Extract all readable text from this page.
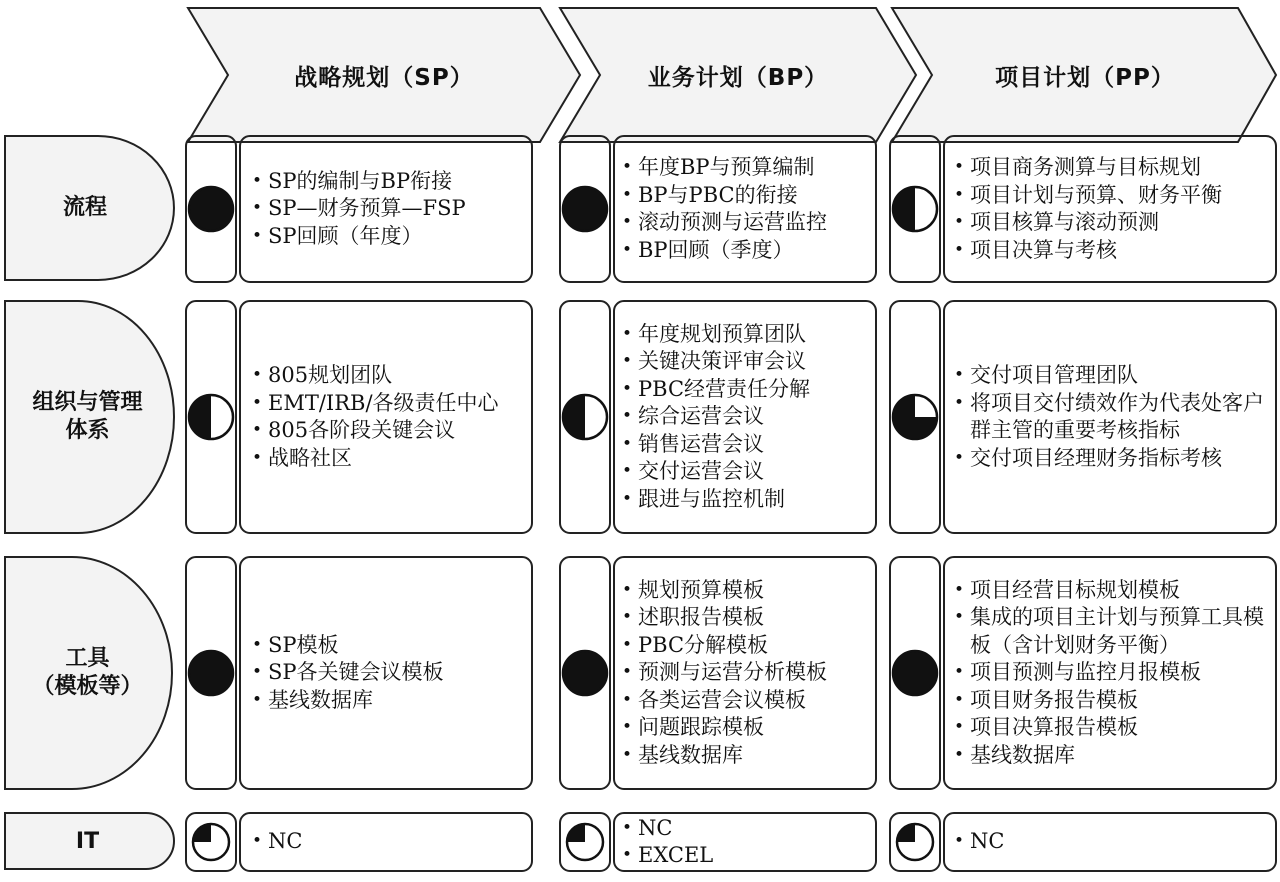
战略规划（SP）	业务计划（BP）	项目计划（PP）
流程
组织与管理
体系
工具
（模板等）
IT
• SP的编制与BP衔接
• SP—财务预算—FSP
• SP回顾（年度）
• 年度BP与预算编制
• BP与PBC的衔接
• 滚动预测与运营监控
• BP回顾（季度）
• 项目商务测算与目标规划
• 项目计划与预算、财务平衡
• 项目核算与滚动预测
• 项目决算与考核
• 805规划团队
• EMT/IRB/各级责任中心
• 805各阶段关键会议
• 战略社区
• 年度规划预算团队
• 关键决策评审会议
• PBC经营责任分解
• 综合运营会议
• 销售运营会议
• 交付运营会议
• 跟进与监控机制
• 交付项目管理团队
• 将项目交付绩效作为代表处客户群主管的重要考核指标
• 交付项目经理财务指标考核
• SP模板
• SP各关键会议模板
• 基线数据库
• 规划预算模板
• 述职报告模板
• PBC分解模板
• 预测与运营分析模板
• 各类运营会议模板
• 问题跟踪模板
• 基线数据库
• 项目经营目标规划模板
• 集成的项目主计划与预算工具模板（含计划财务平衡）
• 项目预测与监控月报模板
• 项目财务报告模板
• 项目决算报告模板
• 基线数据库
• NC
• NC
• EXCEL
• NC
